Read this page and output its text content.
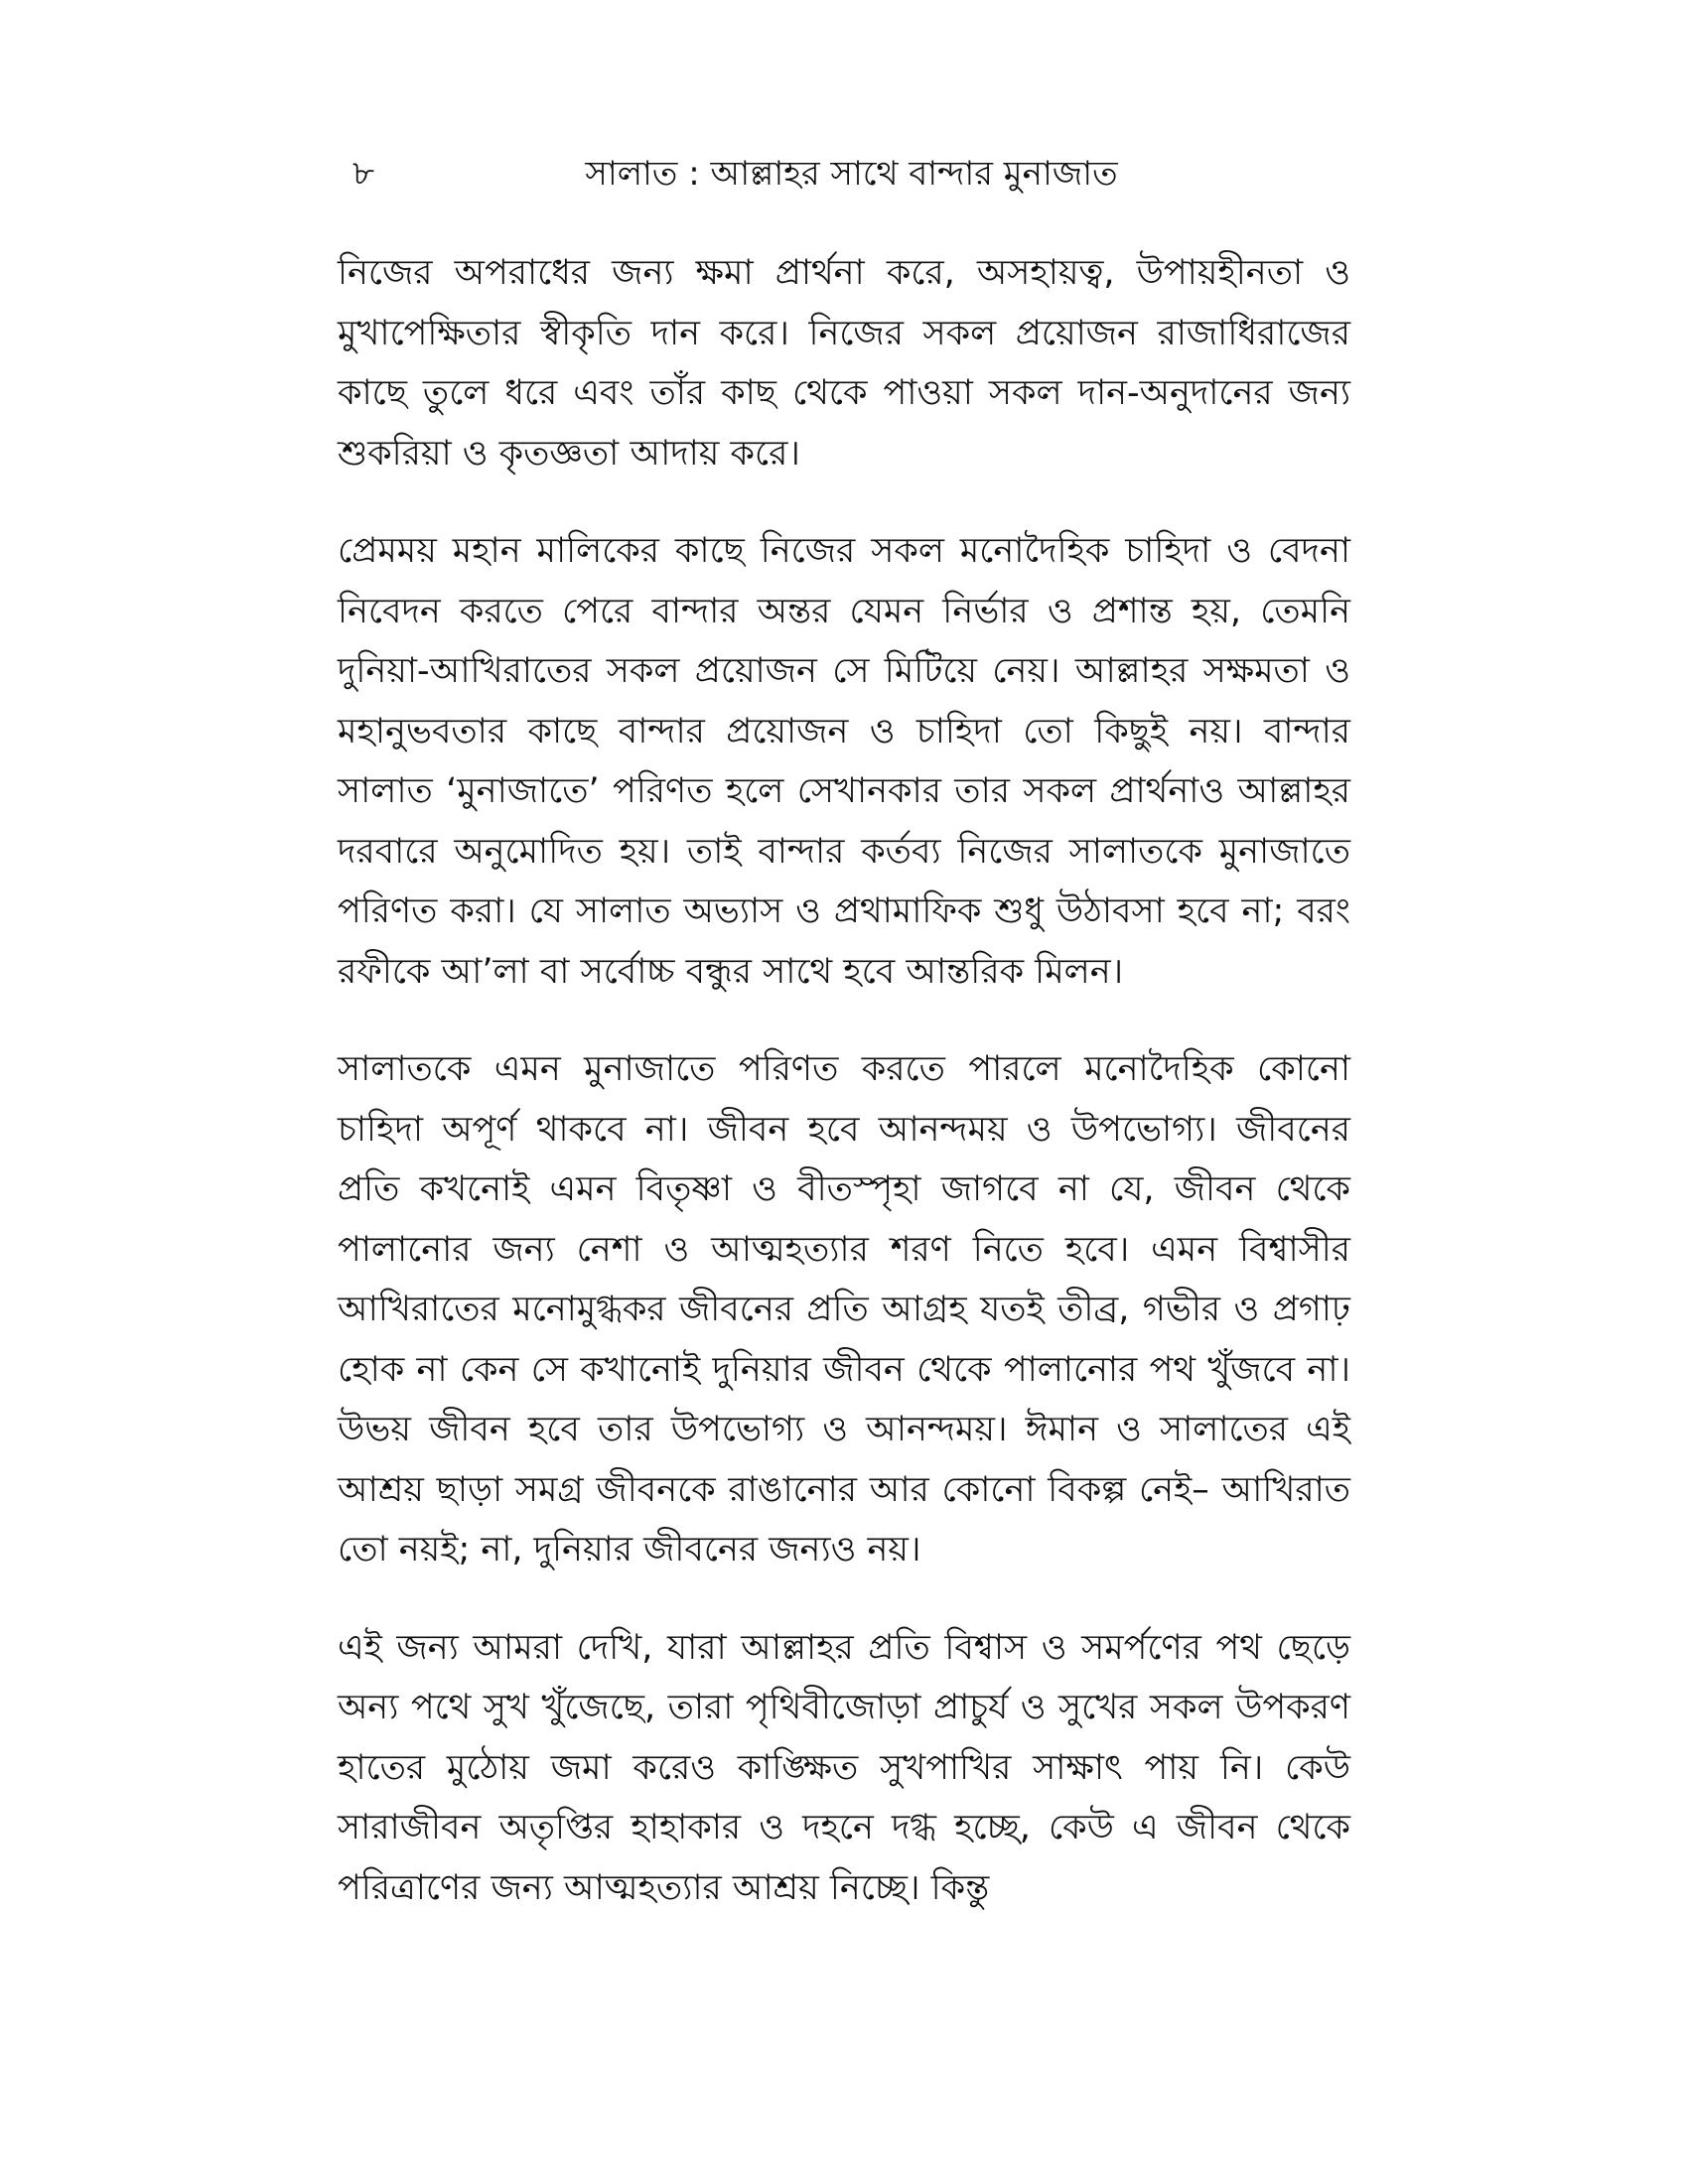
৮	সালাত : আল্লাহর সাথে বান্দার মুনাজাত

নিজের অপরাধের জন্য ক্ষমা প্রার্থনা করে, অসহায়ত্ব, উপায়হীনতা ও মুখাপেক্ষিতার স্বীকৃতি দান করে। নিজের সকল প্রয়োজন রাজাধিরাজের কাছে তুলে ধরে এবং তাঁর কাছ থেকে পাওয়া সকল দান-অনুদানের জন্য শুকরিয়া ও কৃতজ্ঞতা আদায় করে।

প্রেমময় মহান মালিকের কাছে নিজের সকল মনোদৈহিক চাহিদা ও বেদনা নিবেদন করতে পেরে বান্দার অন্তর যেমন নির্ভার ও প্রশান্ত হয়, তেমনি দুনিয়া-আখিরাতের সকল প্রয়োজন সে মিটিয়ে নেয়। আল্লাহর সক্ষমতা ও মহানুভবতার কাছে বান্দার প্রয়োজন ও চাহিদা তো কিছুই নয়। বান্দার সালাত ‘মুনাজাতে’ পরিণত হলে সেখানকার তার সকল প্রার্থনাও আল্লাহর দরবারে অনুমোদিত হয়। তাই বান্দার কর্তব্য নিজের সালাতকে মুনাজাতে পরিণত করা। যে সালাত অভ্যাস ও প্রথামাফিক শুধু উঠাবসা হবে না; বরং রফীকে আ’লা বা সর্বোচ্চ বন্ধুর সাথে হবে আন্তরিক মিলন।

সালাতকে এমন মুনাজাতে পরিণত করতে পারলে মনোদৈহিক কোনো চাহিদা অপূর্ণ থাকবে না। জীবন হবে আনন্দময় ও উপভোগ্য। জীবনের প্রতি কখনোই এমন বিতৃষ্ণা ও বীতস্পৃহা জাগবে না যে, জীবন থেকে পালানোর জন্য নেশা ও আত্মহত্যার শরণ নিতে হবে। এমন বিশ্বাসীর আখিরাতের মনোমুগ্ধকর জীবনের প্রতি আগ্রহ যতই তীব্র, গভীর ও প্রগাঢ় হোক না কেন সে কখানোই দুনিয়ার জীবন থেকে পালানোর পথ খুঁজবে না। উভয় জীবন হবে তার উপভোগ্য ও আনন্দময়। ঈমান ও সালাতের এই আশ্রয় ছাড়া সমগ্র জীবনকে রাঙানোর আর কোনো বিকল্প নেই– আখিরাত তো নয়ই; না, দুনিয়ার জীবনের জন্যও নয়।

এই জন্য আমরা দেখি, যারা আল্লাহর প্রতি বিশ্বাস ও সমর্পণের পথ ছেড়ে অন্য পথে সুখ খুঁজেছে, তারা পৃথিবীজোড়া প্রাচুর্য ও সুখের সকল উপকরণ হাতের মুঠোয় জমা করেও কাঙ্ক্ষিত সুখপাখির সাক্ষাৎ পায় নি। কেউ সারাজীবন অতৃপ্তির হাহাকার ও দহনে দগ্ধ হচ্ছে, কেউ এ জীবন থেকে পরিত্রাণের জন্য আত্মহত্যার আশ্রয় নিচ্ছে। কিন্তু
